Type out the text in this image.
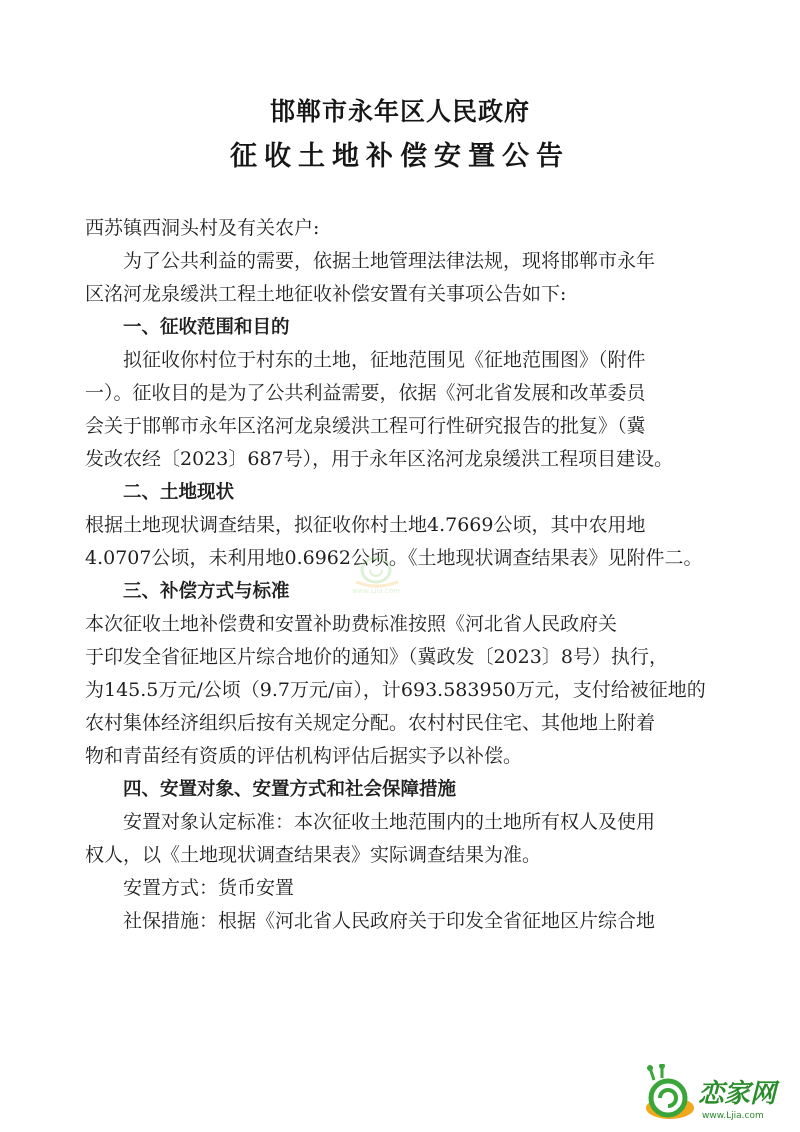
邯郸市永年区人民政府
征收土地补偿安置公告
西苏镇西洞头村及有关农户:
为了公共利益的需要，依据土地管理法律法规，现将邯郸市永年
区洺河龙泉缓洪工程土地征收补偿安置有关事项公告如下:
一、征收范围和目的
拟征收你村位于村东的土地，征地范围见《征地范围图》（附件
一）。征收目的是为了公共利益需要，依据《河北省发展和改革委员
会关于邯郸市永年区洺河龙泉缓洪工程可行性研究报告的批复》（冀
发改农经〔2023〕687号），用于永年区洺河龙泉缓洪工程项目建设。
二、土地现状
根据土地现状调查结果，拟征收你村土地4.7669公顷，其中农用地
4.0707公顷，未利用地0.6962公顷。《土地现状调查结果表》见附件二。
三、补偿方式与标准
本次征收土地补偿费和安置补助费标准按照《河北省人民政府关
于印发全省征地区片综合地价的通知》（冀政发〔2023〕8号）执行，
为145.5万元/公顷（9.7万元/亩），计693.583950万元，支付给被征地的
农村集体经济组织后按有关规定分配。农村村民住宅、其他地上附着
物和青苗经有资质的评估机构评估后据实予以补偿。
四、安置对象、安置方式和社会保障措施
安置对象认定标准：本次征收土地范围内的土地所有权人及使用
权人，以《土地现状调查结果表》实际调查结果为准。
安置方式：货币安置
社保措施：根据《河北省人民政府关于印发全省征地区片综合地
www.Ljia.com
恋家网
www.Ljia.com
